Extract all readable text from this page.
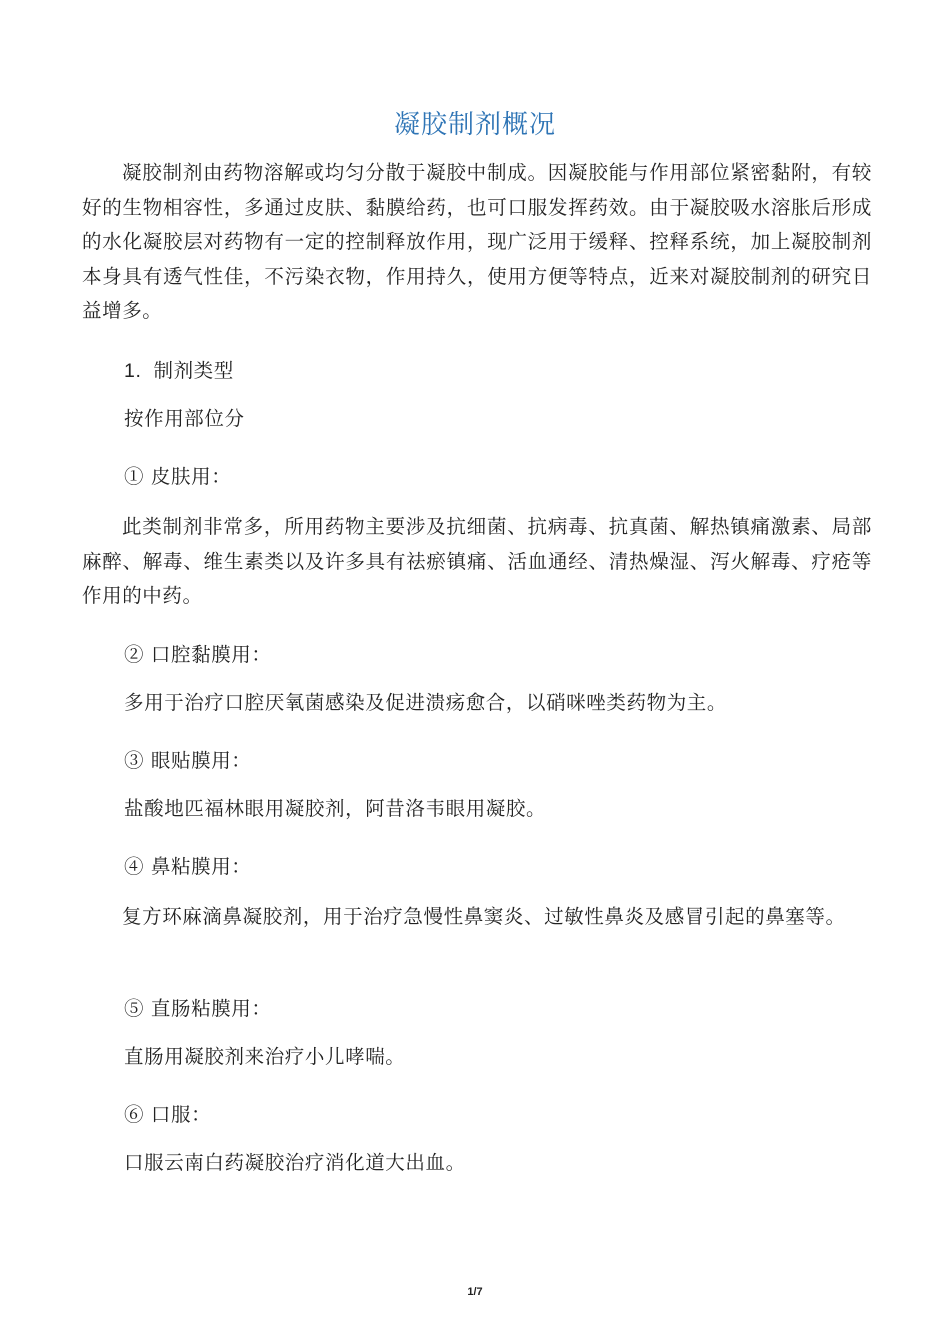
凝胶制剂概况
凝胶制剂由药物溶解或均匀分散于凝胶中制成。因凝胶能与作用部位紧密黏附，有较好的生物相容性，多通过皮肤、黏膜给药，也可口服发挥药效。由于凝胶吸水溶胀后形成的水化凝胶层对药物有一定的控制释放作用，现广泛用于缓释、控释系统，加上凝胶制剂本身具有透气性佳，不污染衣物，作用持久，使用方便等特点，近来对凝胶制剂的研究日益增多。
1. 制剂类型
按作用部位分
① 皮肤用：
此类制剂非常多，所用药物主要涉及抗细菌、抗病毒、抗真菌、解热镇痛激素、局部麻醉、解毒、维生素类以及许多具有祛瘀镇痛、活血通经、清热燥湿、泻火解毒、疗疮等作用的中药。
② 口腔黏膜用：
多用于治疗口腔厌氧菌感染及促进溃疡愈合，以硝咪唑类药物为主。
③ 眼贴膜用：
盐酸地匹福林眼用凝胶剂，阿昔洛韦眼用凝胶。
④ 鼻粘膜用：
复方环麻滴鼻凝胶剂，用于治疗急慢性鼻窦炎、过敏性鼻炎及感冒引起的鼻塞等。
⑤ 直肠粘膜用：
直肠用凝胶剂来治疗小儿哮喘。
⑥ 口服：
口服云南白药凝胶治疗消化道大出血。
1/7
